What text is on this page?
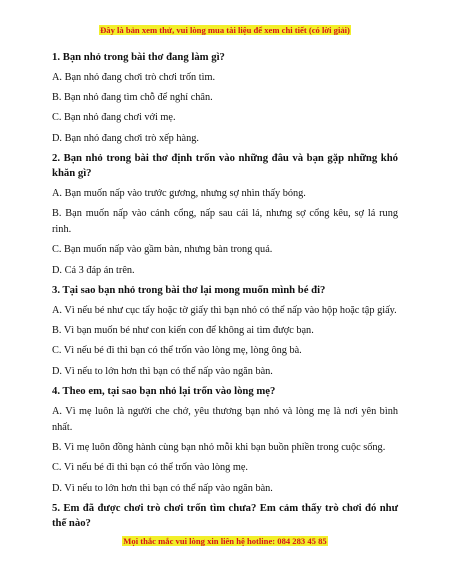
Đây là bản xem thử, vui lòng mua tài liệu để xem chi tiết (có lời giải)

1. Bạn nhỏ trong bài thơ đang làm gì?

A. Bạn nhỏ đang chơi trò chơi trốn tìm.

B. Bạn nhỏ đang tìm chỗ để nghỉ chân.

C. Bạn nhỏ đang chơi với mẹ.

D. Bạn nhỏ đang chơi trò xếp hàng.

2. Bạn nhỏ trong bài thơ định trốn vào những đâu và bạn gặp những khó khăn gì?

A. Bạn muốn nấp vào trước gương, nhưng sợ nhìn thấy bóng.

B. Bạn muốn nấp vào cánh cổng, nấp sau cái lá, nhưng sợ cổng kêu, sợ lá rung rinh.

C. Bạn muốn nấp vào gầm bàn, nhưng bàn trong quá.

D. Cả 3 đáp án trên.

3. Tại sao bạn nhỏ trong bài thơ lại mong muốn mình bé đi?

A. Vì nếu bé như cục tẩy hoặc tờ giấy thì bạn nhỏ có thể nấp vào hộp hoặc tập giấy.

B. Vì bạn muốn bé như con kiến con để không ai tìm được bạn.

C. Vì nếu bé đi thì bạn có thể trốn vào lòng mẹ, lòng ông bà.

D. Vì nếu to lớn hơn thì bạn có thể nấp vào ngăn bàn.

4. Theo em, tại sao bạn nhỏ lại trốn vào lòng mẹ?

A. Vì mẹ luôn là người che chở, yêu thương bạn nhỏ và lòng mẹ là nơi yên bình nhất.

B. Vì mẹ luôn đồng hành cùng bạn nhỏ mỗi khi bạn buồn phiền trong cuộc sống.

C. Vì nếu bé đi thì bạn có thể trốn vào lòng mẹ.

D. Vì nếu to lớn hơn thì bạn có thể nấp vào ngăn bàn.

5. Em đã được chơi trò chơi trốn tìm chưa? Em cảm thấy trò chơi đó như thế nào?

Mọi thắc mắc vui lòng xin liên hệ hotline: 084 283 45 85
